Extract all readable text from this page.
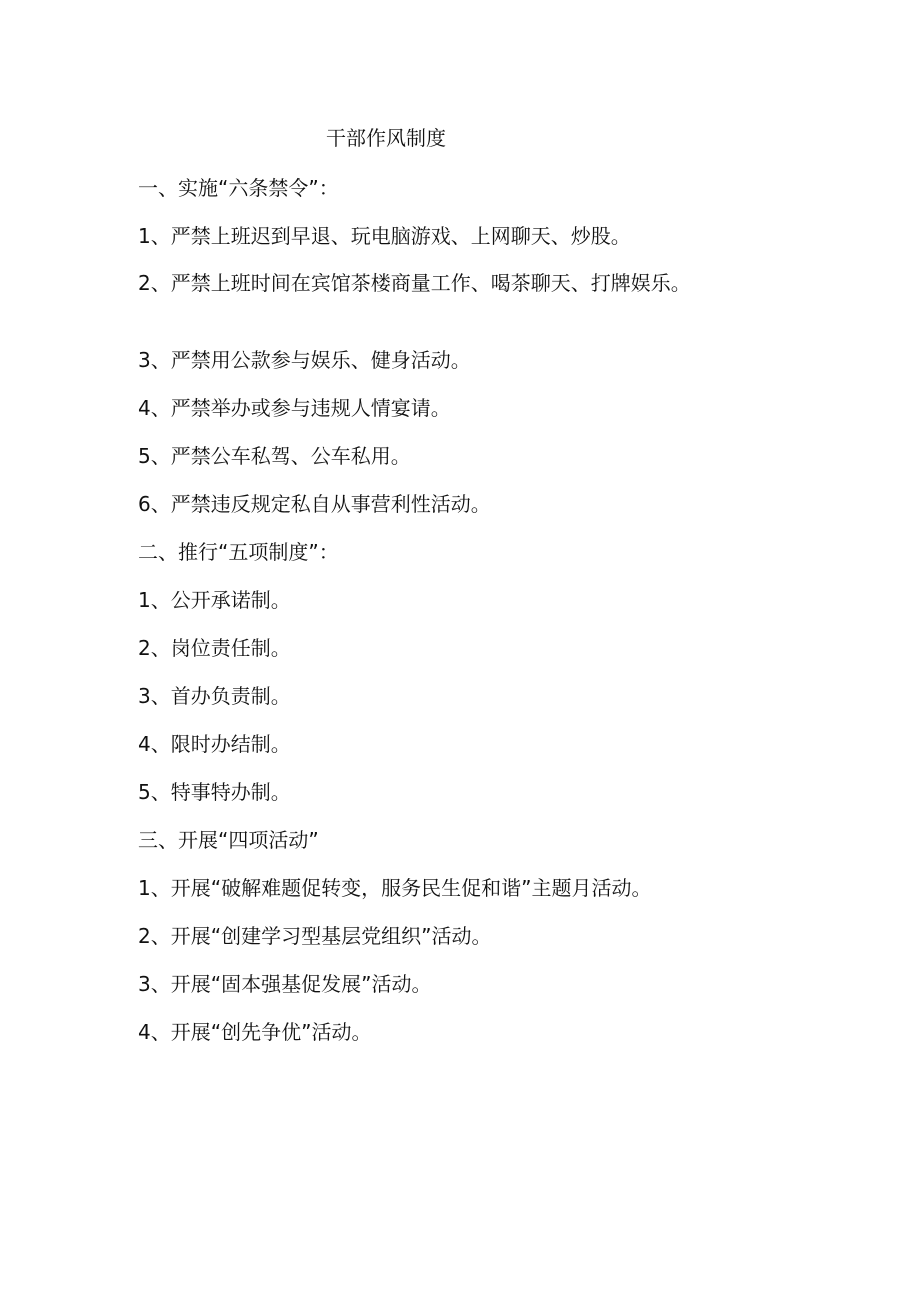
干部作风制度
一、实施“六条禁令”：
1、严禁上班迟到早退、玩电脑游戏、上网聊天、炒股。
2、严禁上班时间在宾馆茶楼商量工作、喝茶聊天、打牌娱乐。
3、严禁用公款参与娱乐、健身活动。
4、严禁举办或参与违规人情宴请。
5、严禁公车私驾、公车私用。
6、严禁违反规定私自从事营利性活动。
二、推行“五项制度”：
1、公开承诺制。
2、岗位责任制。
3、首办负责制。
4、限时办结制。
5、特事特办制。
三、开展“四项活动”
1、开展“破解难题促转变，服务民生促和谐”主题月活动。
2、开展“创建学习型基层党组织”活动。
3、开展“固本强基促发展”活动。
4、开展“创先争优”活动。
